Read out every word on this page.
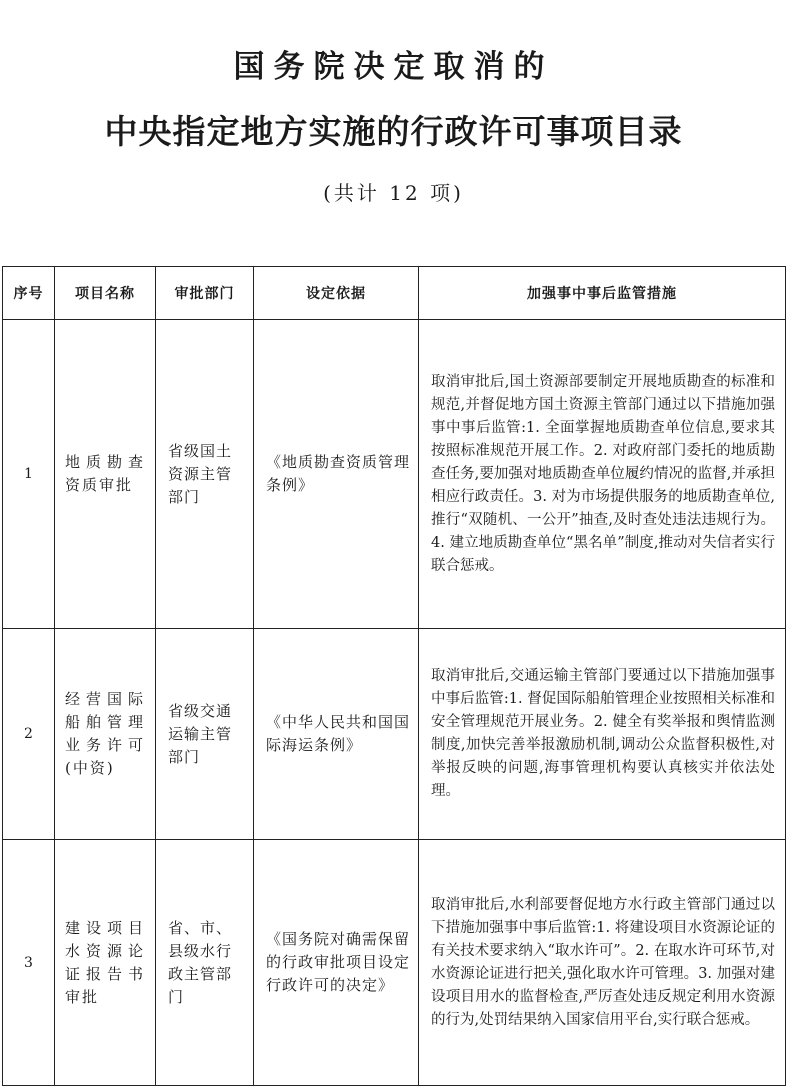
国务院决定取消的
中央指定地方实施的行政许可事项目录
(共计 12 项)
序号	项目名称	审批部门	设定依据	加强事中事后监管措施
1	地质勘查资质审批	省级国土资源主管部门	《地质勘查资质管理条例》	取消审批后,国土资源部要制定开展地质勘查的标准和规范,并督促地方国土资源主管部门通过以下措施加强事中事后监管:1. 全面掌握地质勘查单位信息,要求其按照标准规范开展工作。2. 对政府部门委托的地质勘查任务,要加强对地质勘查单位履约情况的监督,并承担相应行政责任。3. 对为市场提供服务的地质勘查单位,推行“双随机、一公开”抽查,及时查处违法违规行为。4. 建立地质勘查单位“黑名单”制度,推动对失信者实行联合惩戒。
2	经营国际船舶管理业务许可(中资)	省级交通运输主管部门	《中华人民共和国国际海运条例》	取消审批后,交通运输主管部门要通过以下措施加强事中事后监管:1. 督促国际船舶管理企业按照相关标准和安全管理规范开展业务。2. 健全有奖举报和舆情监测制度,加快完善举报激励机制,调动公众监督积极性,对举报反映的问题,海事管理机构要认真核实并依法处理。
3	建设项目水资源论证报告书审批	省、市、县级水行政主管部门	《国务院对确需保留的行政审批项目设定行政许可的决定》	取消审批后,水利部要督促地方水行政主管部门通过以下措施加强事中事后监管:1. 将建设项目水资源论证的有关技术要求纳入“取水许可”。2. 在取水许可环节,对水资源论证进行把关,强化取水许可管理。3. 加强对建设项目用水的监督检查,严厉查处违反规定利用水资源的行为,处罚结果纳入国家信用平台,实行联合惩戒。
